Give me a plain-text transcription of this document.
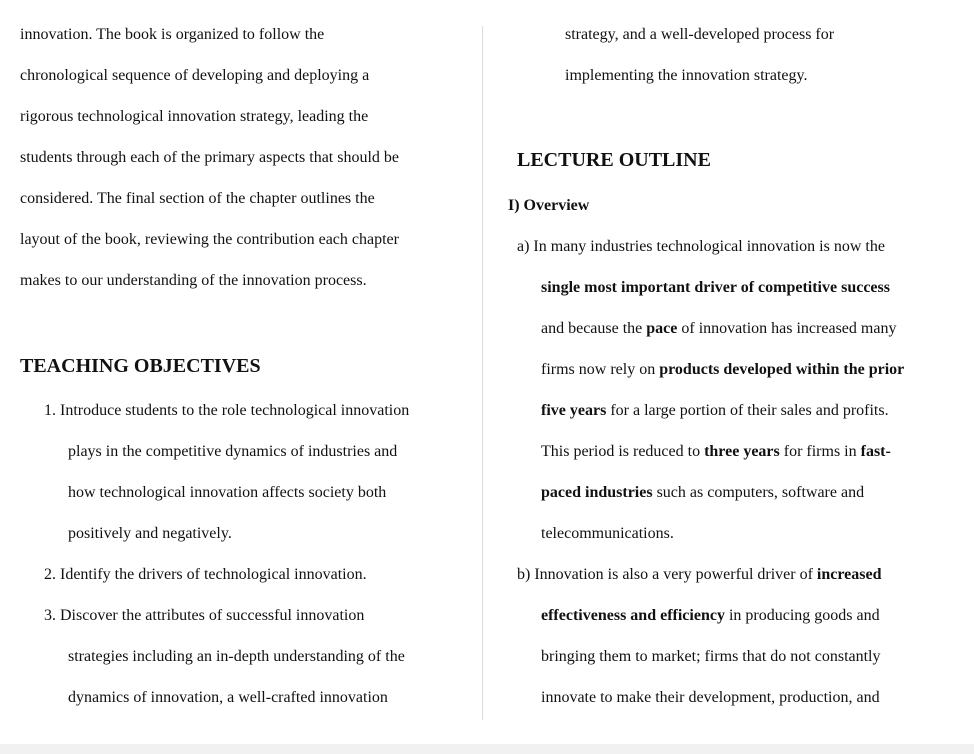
innovation. The book is organized to follow the
chronological sequence of developing and deploying a
rigorous technological innovation strategy, leading the
students through each of the primary aspects that should be
considered. The final section of the chapter outlines the
layout of the book, reviewing the contribution each chapter
makes to our understanding of the innovation process.
TEACHING OBJECTIVES
1. Introduce students to the role technological innovation
plays in the competitive dynamics of industries and
how technological innovation affects society both
positively and negatively.
2. Identify the drivers of technological innovation.
3. Discover the attributes of successful innovation
strategies including an in-depth understanding of the
dynamics of innovation, a well-crafted innovation
strategy, and a well-developed process for
implementing the innovation strategy.
LECTURE OUTLINE
I) Overview
a) In many industries technological innovation is now the
single most important driver of competitive success
and because the pace of innovation has increased many
firms now rely on products developed within the prior
five years for a large portion of their sales and profits.
This period is reduced to three years for firms in fast-
paced industries such as computers, software and
telecommunications.
b) Innovation is also a very powerful driver of increased
effectiveness and efficiency in producing goods and
bringing them to market; firms that do not constantly
innovate to make their development, production, and
